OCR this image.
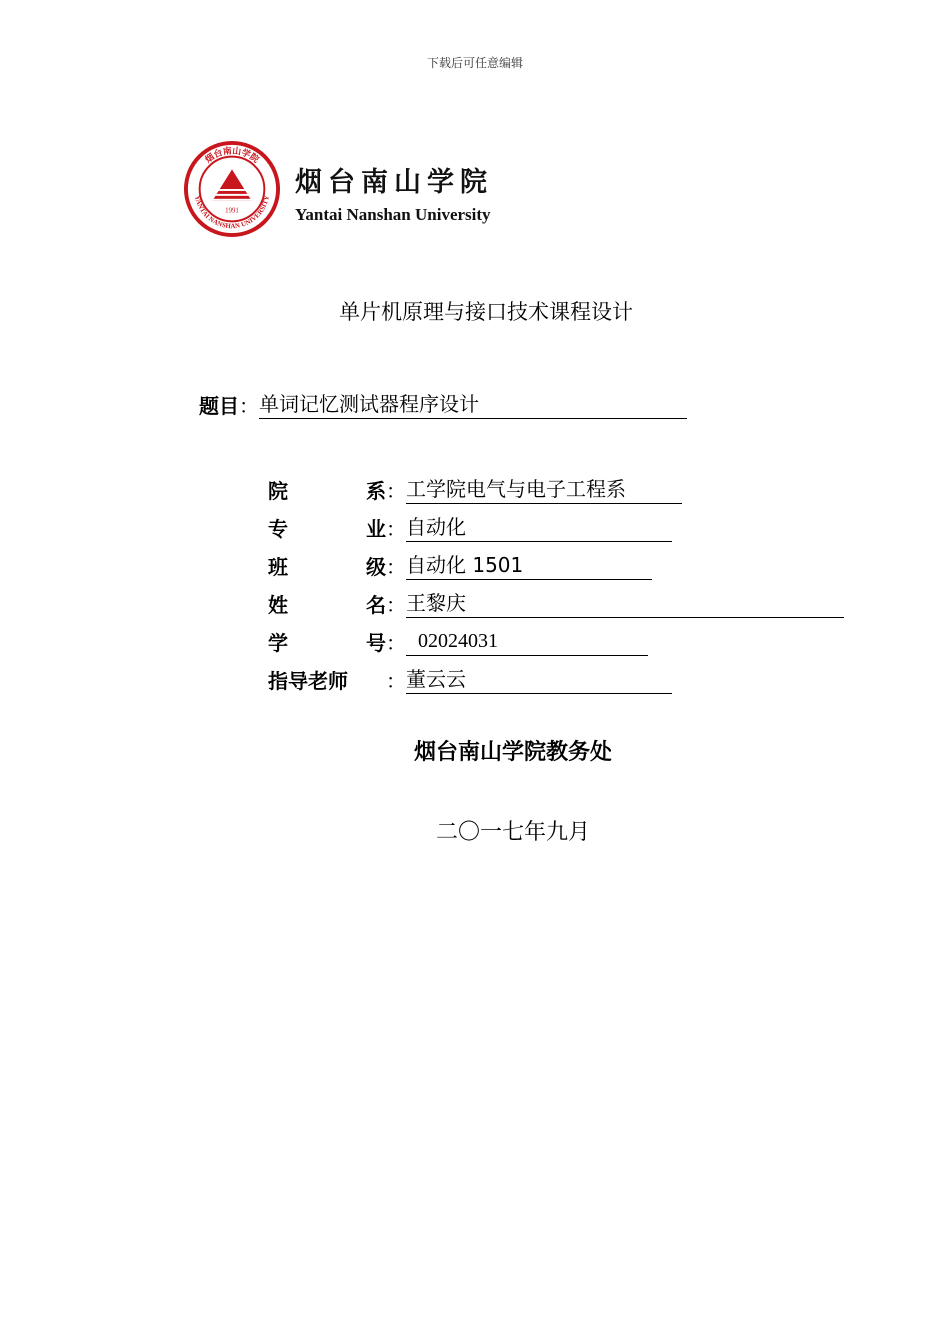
下载后可任意编辑
烟台南山学院
YANTAI NANSHAN UNIVERSITY
1991
烟台南山学院
Yantai Nanshan University
单片机原理与接口技术课程设计
题目 ： 单词记忆测试器程序设计
院	系 ： 工学院电气与电子工程系
专	业 ： 自动化
班	级 ： 自动化 1501
姓	名 ： 王黎庆
学	号 ： 02024031
指导老师	： 董云云
烟台南山学院教务处
二〇一七年九月
